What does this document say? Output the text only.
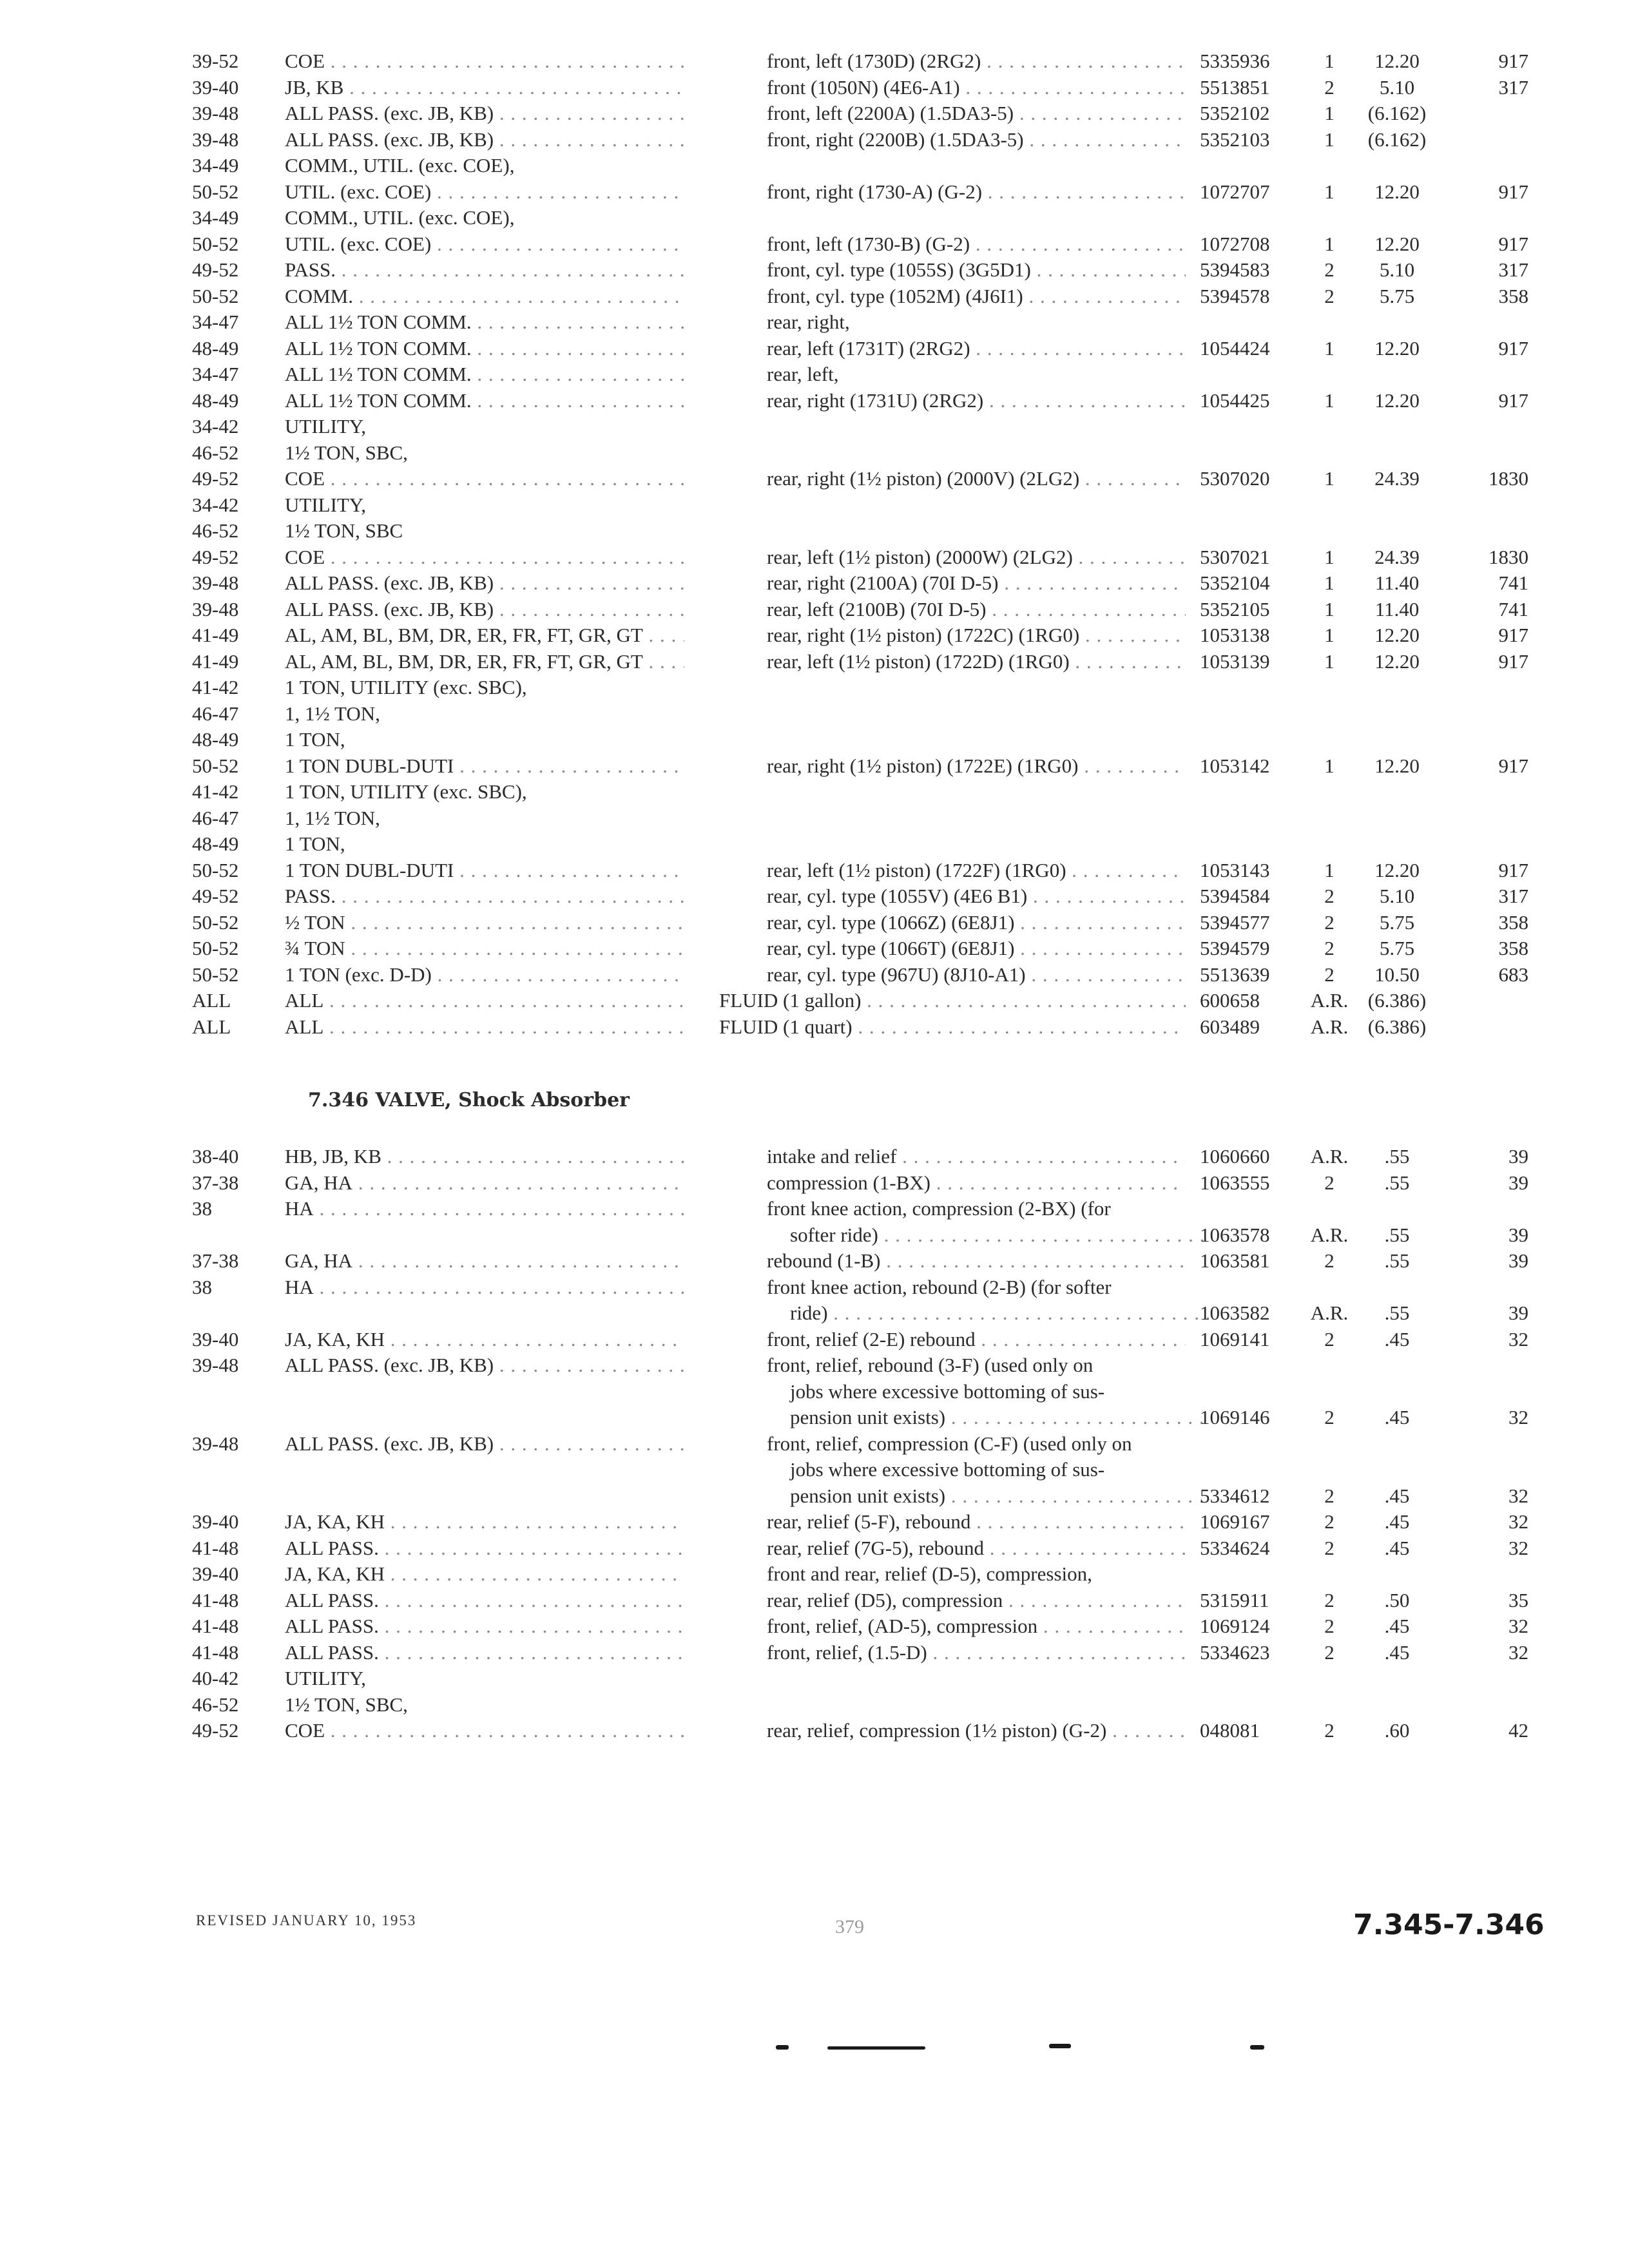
39-52	COE . . .	front, left (1730D) (2RG2) . . .	5335936	1	12.20	917
39-40	JB, KB . . .	front (1050N) (4E6-A1) . . .	5513851	2	5.10	317
39-48	ALL PASS. (exc. JB, KB) . . .	front, left (2200A) (1.5DA3-5) . . .	5352102	1	(6.162)
39-48	ALL PASS. (exc. JB, KB) . . .	front, right (2200B) (1.5DA3-5) . . .	5352103	1	(6.162)
34-49	COMM., UTIL. (exc. COE),
50-52	UTIL. (exc. COE) . . .	front, right (1730-A) (G-2) . . .	1072707	1	12.20	917
34-49	COMM., UTIL. (exc. COE),
50-52	UTIL. (exc. COE) . . .	front, left (1730-B) (G-2) . . .	1072708	1	12.20	917
49-52	PASS. . . .	front, cyl. type (1055S) (3G5D1) . . .	5394583	2	5.10	317
50-52	COMM. . . .	front, cyl. type (1052M) (4J6I1) . . .	5394578	2	5.75	358
34-47	ALL 1½ TON COMM. . . .	rear, right,
48-49	ALL 1½ TON COMM. . . .	rear, left (1731T) (2RG2) . . .	1054424	1	12.20	917
34-47	ALL 1½ TON COMM. . . .	rear, left,
48-49	ALL 1½ TON COMM. . . .	rear, right (1731U) (2RG2) . . .	1054425	1	12.20	917
34-42	UTILITY,
46-52	1½ TON, SBC,
49-52	COE . . .	rear, right (1½ piston) (2000V) (2LG2) . . .	5307020	1	24.39	1830
34-42	UTILITY,
46-52	1½ TON, SBC
49-52	COE . . .	rear, left (1½ piston) (2000W) (2LG2) . . .	5307021	1	24.39	1830
39-48	ALL PASS. (exc. JB, KB) . . .	rear, right (2100A) (70I D-5) . . .	5352104	1	11.40	741
39-48	ALL PASS. (exc. JB, KB) . . .	rear, left (2100B) (70I D-5) . . .	5352105	1	11.40	741
41-49	AL, AM, BL, BM, DR, ER, FR, FT, GR, GT . . .	rear, right (1½ piston) (1722C) (1RG0) . . .	1053138	1	12.20	917
41-49	AL, AM, BL, BM, DR, ER, FR, FT, GR, GT . . .	rear, left (1½ piston) (1722D) (1RG0) . . .	1053139	1	12.20	917
41-42	1 TON, UTILITY (exc. SBC),
46-47	1, 1½ TON,
48-49	1 TON,
50-52	1 TON DUBL-DUTI . . .	rear, right (1½ piston) (1722E) (1RG0) . . .	1053142	1	12.20	917
41-42	1 TON, UTILITY (exc. SBC),
46-47	1, 1½ TON,
48-49	1 TON,
50-52	1 TON DUBL-DUTI . . .	rear, left (1½ piston) (1722F) (1RG0) . . .	1053143	1	12.20	917
49-52	PASS. . . .	rear, cyl. type (1055V) (4E6 B1) . . .	5394584	2	5.10	317
50-52	½ TON . . .	rear, cyl. type (1066Z) (6E8J1) . . .	5394577	2	5.75	358
50-52	¾ TON . . .	rear, cyl. type (1066T) (6E8J1) . . .	5394579	2	5.75	358
50-52	1 TON (exc. D-D) . . .	rear, cyl. type (967U) (8J10-A1) . . .	5513639	2	10.50	683
ALL	ALL . . .	FLUID (1 gallon) . . .	600658	A.R. (6.386)
ALL	ALL . . .	FLUID (1 quart) . . .	603489	A.R. (6.386)
7.346 VALVE, Shock Absorber
38-40	HB, JB, KB . . .	intake and relief . . .	1060660	A.R.	.55	39
37-38	GA, HA . . .	compression (1-BX) . . .	1063555	2	.55	39
38	HA . . .	front knee action, compression (2-BX) (for
softer ride) . . .	1063578	A.R.	.55	39
37-38	GA, HA . . .	rebound (1-B) . . .	1063581	2	.55	39
38	HA . . .	front knee action, rebound (2-B) (for softer
ride) . . .	1063582	A.R.	.55	39
39-40	JA, KA, KH . . .	front, relief (2-E) rebound . . .	1069141	2	.45	32
39-48	ALL PASS. (exc. JB, KB) . . .	front, relief, rebound (3-F) (used only on
jobs where excessive bottoming of sus-
pension unit exists) . . .	1069146	2	.45	32
39-48	ALL PASS. (exc. JB, KB) . . .	front, relief, compression (C-F) (used only on
jobs where excessive bottoming of sus-
pension unit exists) . . .	5334612	2	.45	32
39-40	JA, KA, KH . . .	rear, relief (5-F), rebound . . .	1069167	2	.45	32
41-48	ALL PASS. . . .	rear, relief (7G-5), rebound . . .	5334624	2	.45	32
39-40	JA, KA, KH . . .	front and rear, relief (D-5), compression,
41-48	ALL PASS. . . .	rear, relief (D5), compression . . .	5315911	2	.50	35
41-48	ALL PASS. . . .	front, relief, (AD-5), compression . . .	1069124	2	.45	32
41-48	ALL PASS. . . .	front, relief, (1.5-D) . . .	5334623	2	.45	32
40-42	UTILITY,
46-52	1½ TON, SBC,
49-52	COE . . .	rear, relief, compression (1½ piston) (G-2) . . .	048081	2	.60	42
REVISED JANUARY 10, 1953	379	7.345-7.346
